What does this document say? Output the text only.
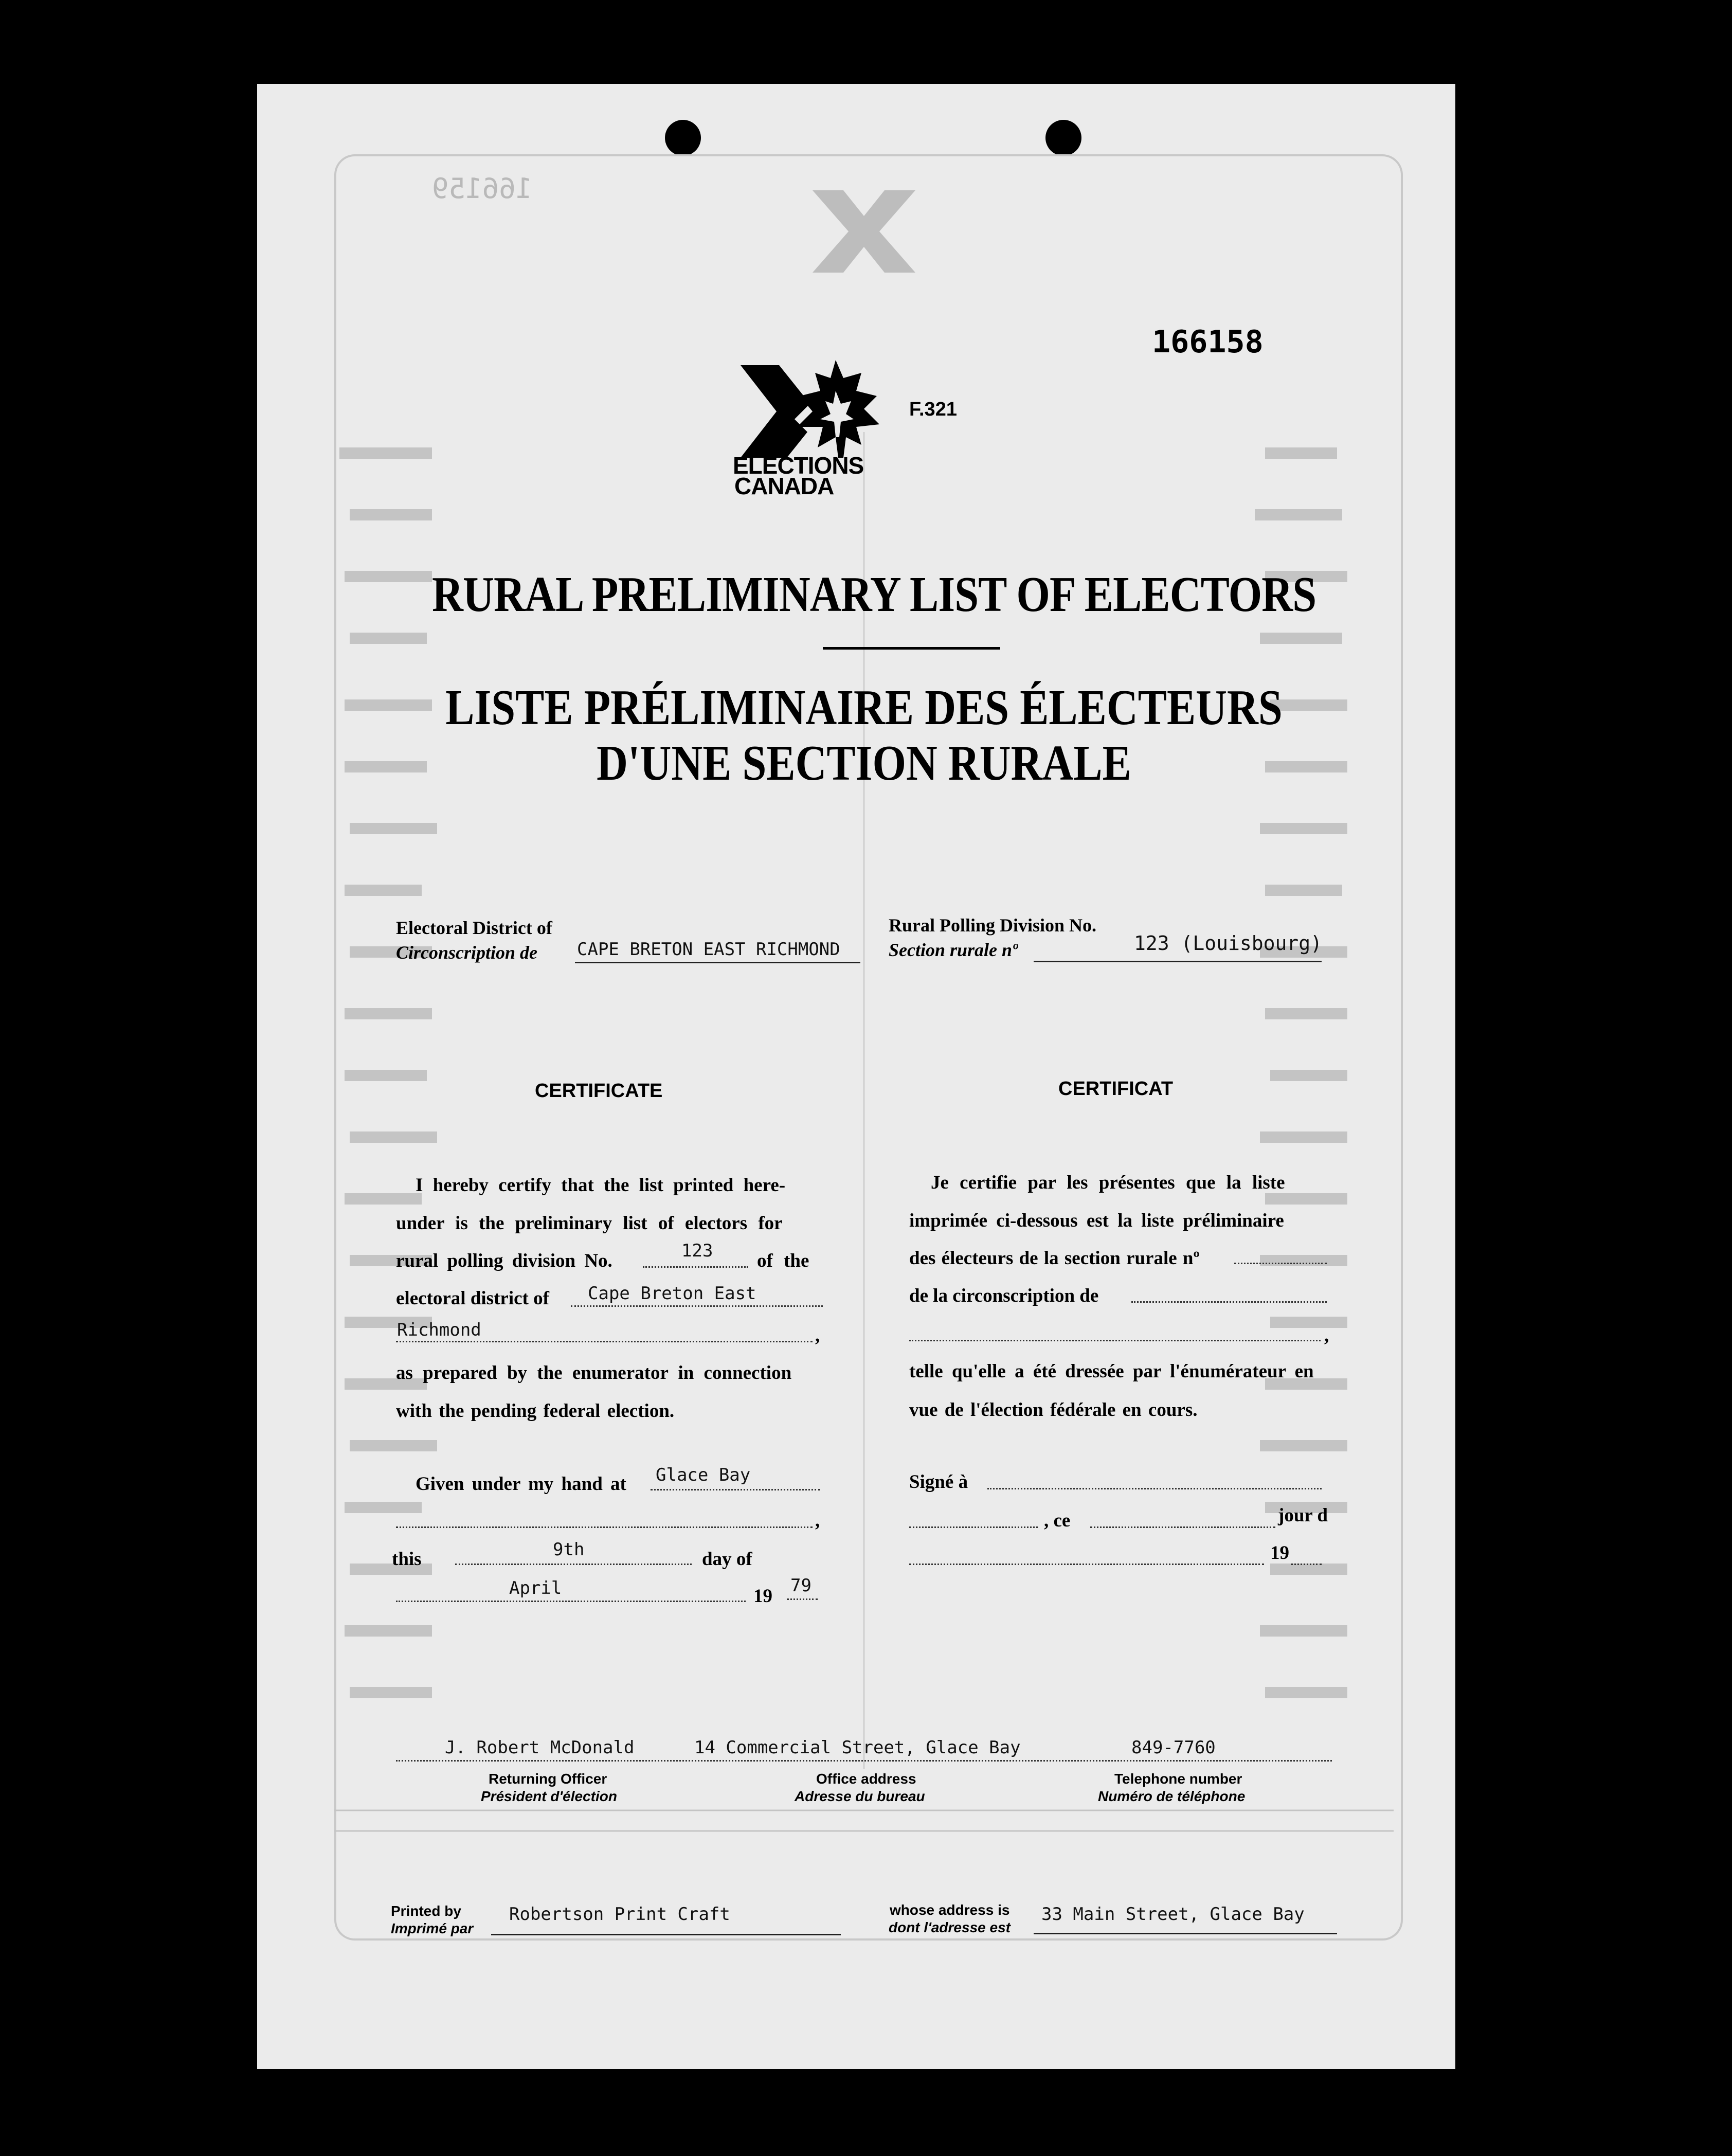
166159
ELECTIONS
CANADA
166158
F.321
RURAL PRELIMINARY LIST OF ELECTORS
LISTE PRÉLIMINAIRE DES ÉLECTEURS
D'UNE SECTION RURALE
Electoral District of
Circonscription de CAPE BRETON EAST RICHMOND
Rural Polling Division No.
Section rurale nº	123 (Louisbourg)
CERTIFICATE
I hereby certify that the list printed here-
under is the preliminary list of electors for
rural polling division No.	123 of the
electoral district of Cape Breton East
Richmond	,
as prepared by the enumerator in connection
with the pending federal election.
Given under my hand at Glace Bay
,
this	9th	day of
April	19 79
CERTIFICAT
Je certifie par les présentes que la liste
imprimée ci-dessous est la liste préliminaire
des électeurs de la section rurale nº
de la circonscription de
,
telle qu'elle a été dressée par l'énumérateur en
vue de l'élection fédérale en cours.
Signé à
, ce	jour d
19
J. Robert McDonald	14 Commercial Street, Glace Bay	849-7760
Returning Officer
Président d'élection
Office address
Adresse du bureau
Telephone number
Numéro de téléphone
Printed by
Imprimé par
Robertson Print Craft	whose address is
dont l'adresse est
33 Main Street, Glace Bay
